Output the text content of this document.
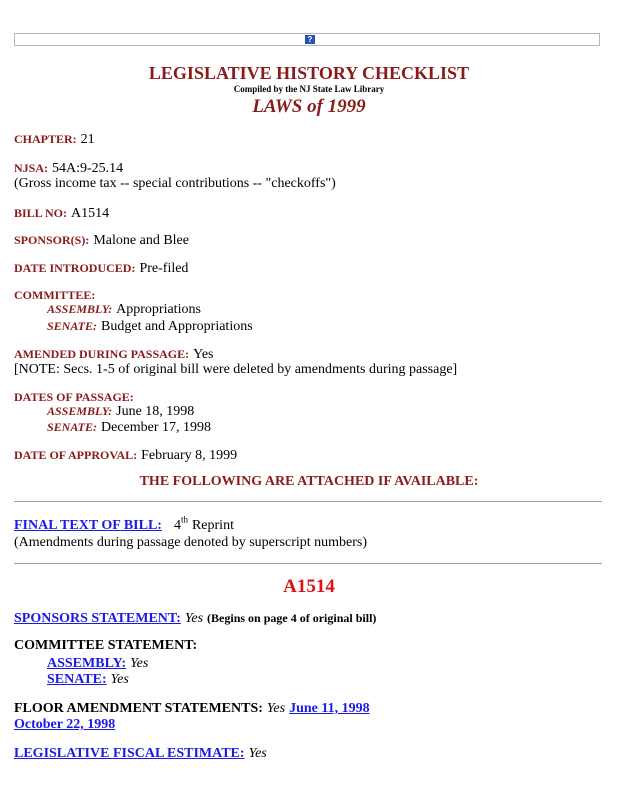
?
LEGISLATIVE HISTORY CHECKLIST
Compiled by the NJ State Law Library
LAWS of 1999
CHAPTER: 21
NJSA: 54A:9-25.14
(Gross income tax -- special contributions -- "checkoffs")
BILL NO: A1514
SPONSOR(S): Malone and Blee
DATE INTRODUCED: Pre-filed
COMMITTEE:
ASSEMBLY: Appropriations
SENATE: Budget and Appropriations
AMENDED DURING PASSAGE: Yes
[NOTE: Secs. 1-5 of original bill were deleted by amendments during passage]
DATES OF PASSAGE:
ASSEMBLY: June 18, 1998
SENATE: December 17, 1998
DATE OF APPROVAL: February 8, 1999
THE FOLLOWING ARE ATTACHED IF AVAILABLE:
FINAL TEXT OF BILL: 4th Reprint
(Amendments during passage denoted by superscript numbers)
A1514
SPONSORS STATEMENT: Yes (Begins on page 4 of original bill)
COMMITTEE STATEMENT:
ASSEMBLY: Yes
SENATE: Yes
FLOOR AMENDMENT STATEMENTS: Yes June 11, 1998
October 22, 1998
LEGISLATIVE FISCAL ESTIMATE: Yes
